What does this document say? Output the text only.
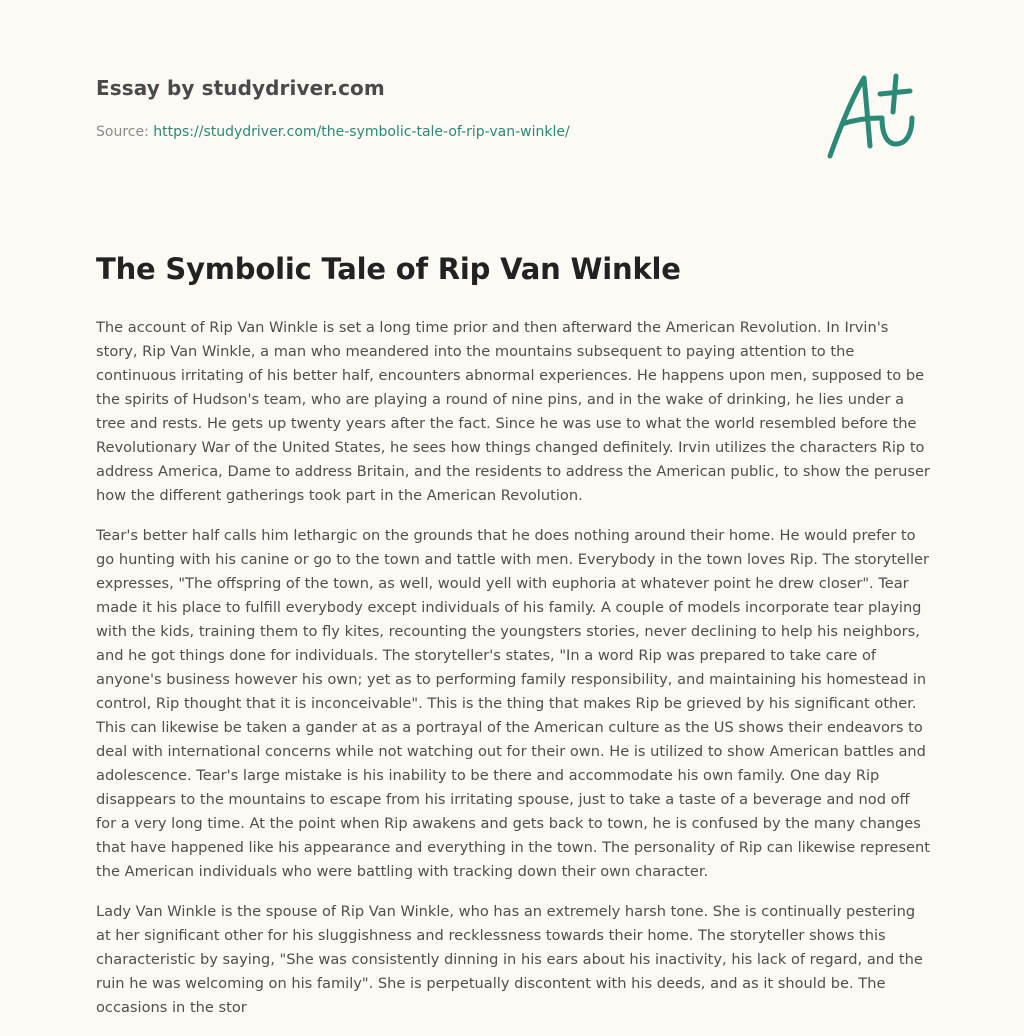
Essay by studydriver.com
Source: https://studydriver.com/the-symbolic-tale-of-rip-van-winkle/
The Symbolic Tale of Rip Van Winkle

The account of Rip Van Winkle is set a long time prior and then afterward the American Revolution. In Irvin's story, Rip Van Winkle, a man who meandered into the mountains subsequent to paying attention to the continuous irritating of his better half, encounters abnormal experiences. He happens upon men, supposed to be the spirits of Hudson's team, who are playing a round of nine pins, and in the wake of drinking, he lies under a tree and rests. He gets up twenty years after the fact. Since he was use to what the world resembled before the Revolutionary War of the United States, he sees how things changed definitely. Irvin utilizes the characters Rip to address America, Dame to address Britain, and the residents to address the American public, to show the peruser how the different gatherings took part in the American Revolution.

Tear's better half calls him lethargic on the grounds that he does nothing around their home. He would prefer to go hunting with his canine or go to the town and tattle with men. Everybody in the town loves Rip. The storyteller expresses, "The offspring of the town, as well, would yell with euphoria at whatever point he drew closer". Tear made it his place to fulfill everybody except individuals of his family. A couple of models incorporate tear playing with the kids, training them to fly kites, recounting the youngsters stories, never declining to help his neighbors, and he got things done for individuals. The storyteller's states, "In a word Rip was prepared to take care of anyone's business however his own; yet as to performing family responsibility, and maintaining his homestead in control, Rip thought that it is inconceivable". This is the thing that makes Rip be grieved by his significant other. This can likewise be taken a gander at as a portrayal of the American culture as the US shows their endeavors to deal with international concerns while not watching out for their own. He is utilized to show American battles and adolescence. Tear's large mistake is his inability to be there and accommodate his own family. One day Rip disappears to the mountains to escape from his irritating spouse, just to take a taste of a beverage and nod off for a very long time. At the point when Rip awakens and gets back to town, he is confused by the many changes that have happened like his appearance and everything in the town. The personality of Rip can likewise represent the American individuals who were battling with tracking down their own character.

Lady Van Winkle is the spouse of Rip Van Winkle, who has an extremely harsh tone. She is continually pestering at her significant other for his sluggishness and recklessness towards their home. The storyteller shows this characteristic by saying, "She was consistently dinning in his ears about his inactivity, his lack of regard, and the ruin he was welcoming on his family". She is perpetually discontent with his deeds, and as it should be. The occasions in the stor
